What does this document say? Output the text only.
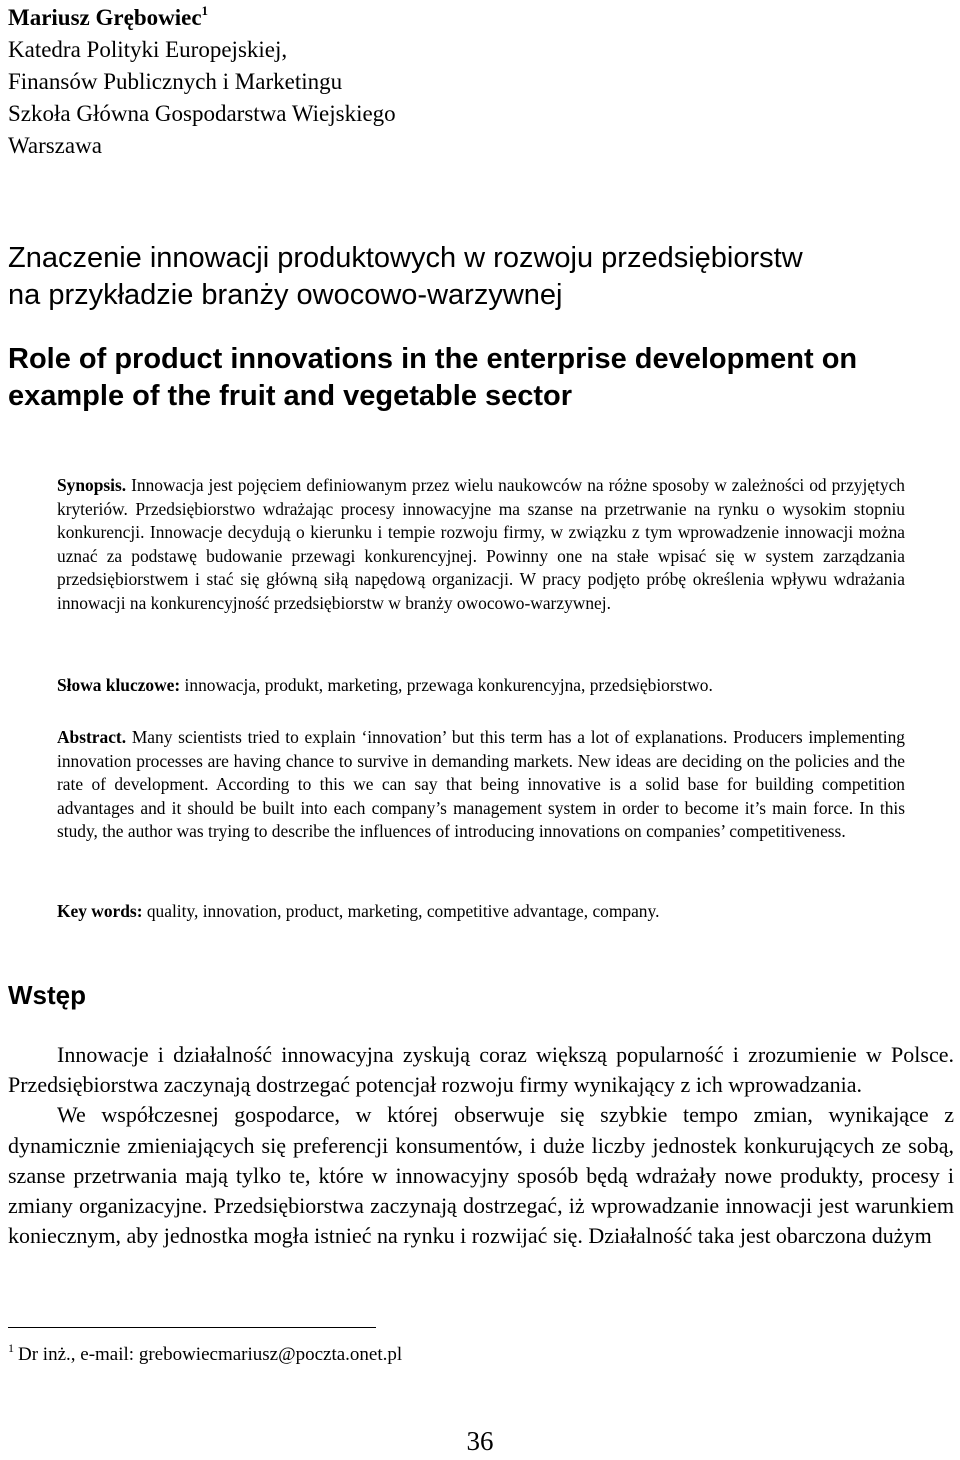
Mariusz Grębowiec$^1$
Katedra Polityki Europejskiej,
Finansów Publicznych i Marketingu
Szkoła Główna Gospodarstwa Wiejskiego
Warszawa
Znaczenie innowacji produktowych w rozwoju przedsiębiorstw
na przykładzie branży owocowo-warzywnej
Role of product innovations in the enterprise development on
example of the fruit and vegetable sector
Synopsis. Innowacja jest pojęciem definiowanym przez wielu naukowców na różne sposoby w zależności od przyjętych kryteriów. Przedsiębiorstwo wdrażając procesy innowacyjne ma szanse na przetrwanie na rynku o wysokim stopniu konkurencji. Innowacje decydują o kierunku i tempie rozwoju firmy, w związku z tym wprowadzenie innowacji można uznać za podstawę budowanie przewagi konkurencyjnej. Powinny one na stałe wpisać się w system zarządzania przedsiębiorstwem i stać się główną siłą napędową organizacji. W pracy podjęto próbę określenia wpływu wdrażania innowacji na konkurencyjność przedsiębiorstw w branży owocowo-warzywnej.
Słowa kluczowe: innowacja, produkt, marketing, przewaga konkurencyjna, przedsiębiorstwo.
Abstract. Many scientists tried to explain ‘innovation’ but this term has a lot of explanations. Producers implementing innovation processes are having chance to survive in demanding markets. New ideas are deciding on the policies and the rate of development. According to this we can say that being innovative is a solid base for building competition advantages and it should be built into each company’s management system in order to become it’s main force. In this study, the author was trying to describe the influences of introducing innovations on companies’ competitiveness.
Key words: quality, innovation, product, marketing, competitive advantage, company.
Wstęp

Innowacje i działalność innowacyjna zyskują coraz większą popularność i zrozumienie w Polsce. Przedsiębiorstwa zaczynają dostrzegać potencjał rozwoju firmy wynikający z ich wprowadzania.

We współczesnej gospodarce, w której obserwuje się szybkie tempo zmian, wynikające z dynamicznie zmieniających się preferencji konsumentów, i duże liczby jednostek konkurujących ze sobą, szanse przetrwania mają tylko te, które w innowacyjny sposób będą wdrażały nowe produkty, procesy i zmiany organizacyjne. Przedsiębiorstwa zaczynają dostrzegać, iż wprowadzanie innowacji jest warunkiem koniecznym, aby jednostka mogła istnieć na rynku i rozwijać się. Działalność taka jest obarczona dużym

$^1$ Dr inż., e-mail: grebowiecmariusz@poczta.onet.pl
36
